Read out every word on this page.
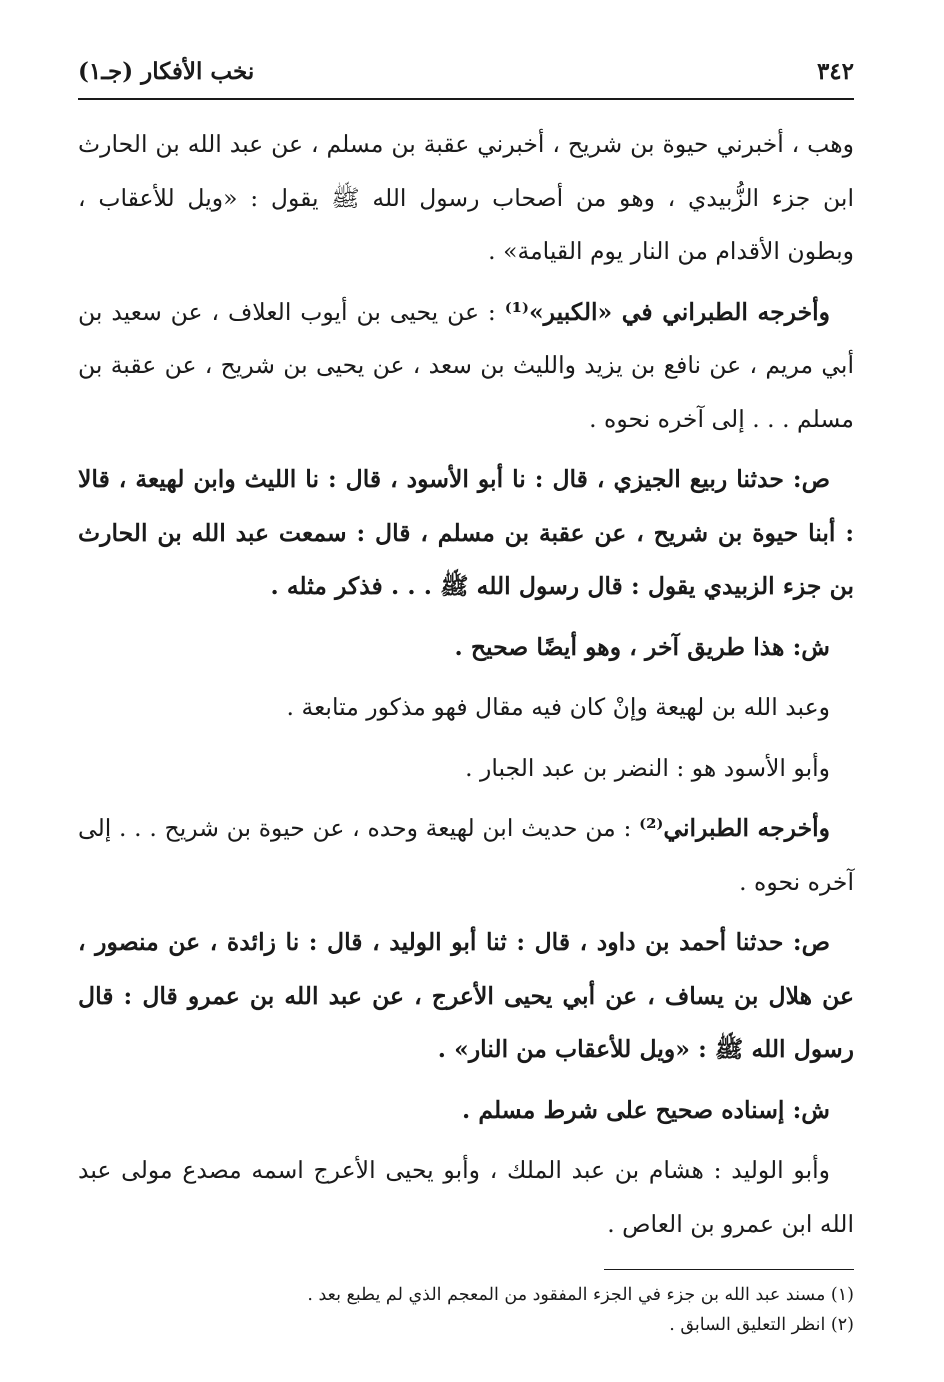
٣٤٢
نخب الأفكار (جـ١)

وهب ، أخبرني حيوة بن شريح ، أخبرني عقبة بن مسلم ، عن عبد الله بن الحارث ابن جزء الزُّبيدي ، وهو من أصحاب رسول الله ﷺ يقول : «ويل للأعقاب ، وبطون الأقدام من النار يوم القيامة» .

وأخرجه الطبراني في «الكبير»⁽¹⁾ : عن يحيى بن أيوب العلاف ، عن سعيد بن أبي مريم ، عن نافع بن يزيد والليث بن سعد ، عن يحيى بن شريح ، عن عقبة بن مسلم . . . إلى آخره نحوه .

ص: حدثنا ربيع الجيزي ، قال : نا أبو الأسود ، قال : نا الليث وابن لهيعة ، قالا : أبنا حيوة بن شريح ، عن عقبة بن مسلم ، قال : سمعت عبد الله بن الحارث بن جزء الزبيدي يقول : قال رسول الله ﷺ . . . فذكر مثله .

ش: هذا طريق آخر ، وهو أيضًا صحيح .

وعبد الله بن لهيعة وإنْ كان فيه مقال فهو مذكور متابعة .

وأبو الأسود هو : النضر بن عبد الجبار .

وأخرجه الطبراني⁽²⁾ : من حديث ابن لهيعة وحده ، عن حيوة بن شريح . . . إلى آخره نحوه .

ص: حدثنا أحمد بن داود ، قال : ثنا أبو الوليد ، قال : نا زائدة ، عن منصور ، عن هلال بن يساف ، عن أبي يحيى الأعرج ، عن عبد الله بن عمرو قال : قال رسول الله ﷺ : «ويل للأعقاب من النار» .

ش: إسناده صحيح على شرط مسلم .

وأبو الوليد : هشام بن عبد الملك ، وأبو يحيى الأعرج اسمه مصدع مولى عبد الله ابن عمرو بن العاص .

(١) مسند عبد الله بن جزء في الجزء المفقود من المعجم الذي لم يطبع بعد .
(٢) انظر التعليق السابق .
